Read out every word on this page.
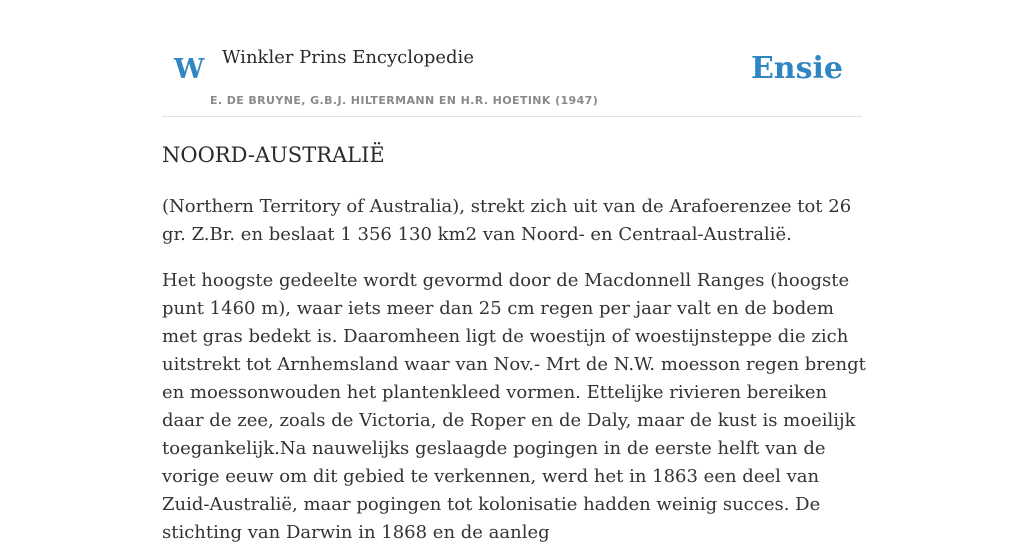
W Winkler Prins Encyclopedie
E. DE BRUYNE, G.B.J. HILTERMANN EN H.R. HOETINK (1947)
Ensie
NOORD-AUSTRALIË

(Northern Territory of Australia), strekt zich uit van de Arafoerenzee tot 26 gr. Z.Br. en beslaat 1 356 130 km2 van Noord- en Centraal-Australië.

Het hoogste gedeelte wordt gevormd door de Macdonnell Ranges (hoogste punt 1460 m), waar iets meer dan 25 cm regen per jaar valt en de bodem met gras bedekt is. Daaromheen ligt de woestijn of woestijnsteppe die zich uitstrekt tot Arnhemsland waar van Nov.- Mrt de N.W. moesson regen brengt en moessonwouden het plantenkleed vormen. Ettelijke rivieren bereiken daar de zee, zoals de Victoria, de Roper en de Daly, maar de kust is moeilijk toegankelijk.Na nauwelijks geslaagde pogingen in de eerste helft van de vorige eeuw om dit gebied te verkennen, werd het in 1863 een deel van Zuid-Australië, maar pogingen tot kolonisatie hadden weinig succes. De stichting van Darwin in 1868 en de aanleg
